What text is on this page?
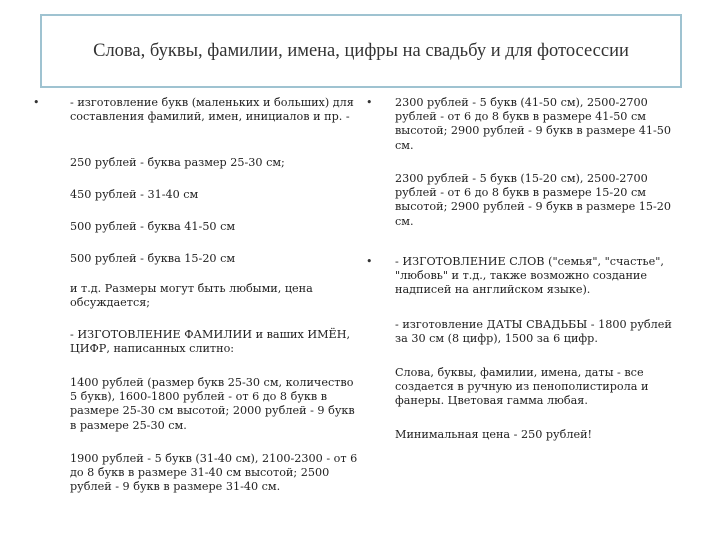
Слова, буквы, фамилии, имена, цифры на свадьбу и для фотосессии
•	•
•

- изготовление букв (маленьких и больших) для составления фамилий, имен, инициалов и пр. -

250 рублей - буква размер 25-30 см;

450 рублей - 31-40 см

500 рублей - буква 41-50 см

500 рублей - буква 15-20 см

и т.д. Размеры могут быть любыми, цена обсуждается;

- ИЗГОТОВЛЕНИЕ ФАМИЛИИ и ваших ИМЁН, ЦИФР, написанных слитно:

1400 рублей (размер букв 25-30 см, количество 5 букв), 1600-1800 рублей - от 6 до 8 букв в размере 25-30 см высотой; 2000 рублей - 9 букв в размере 25-30 см.

1900 рублей - 5 букв (31-40 см), 2100-2300 - от 6 до 8 букв в размере 31-40 см высотой; 2500 рублей - 9 букв в размере 31-40 см.

2300 рублей - 5 букв (41-50 см), 2500-2700 рублей - от 6 до 8 букв в размере 41-50 см высотой; 2900 рублей - 9 букв в размере 41-50 см.

2300 рублей - 5 букв (15-20 см), 2500-2700 рублей - от 6 до 8 букв в размере 15-20 см высотой; 2900 рублей - 9 букв в размере 15-20 см.

- ИЗГОТОВЛЕНИЕ СЛОВ ("семья", "счастье", "любовь" и т.д., также возможно создание надписей на английском языке).

- изготовление ДАТЫ СВАДЬБЫ - 1800 рублей за 30 см (8 цифр), 1500 за 6 цифр.

Слова, буквы, фамилии, имена, даты - все создается в ручную из пенополистирола и фанеры. Цветовая гамма любая.

Минимальная цена - 250 рублей!
